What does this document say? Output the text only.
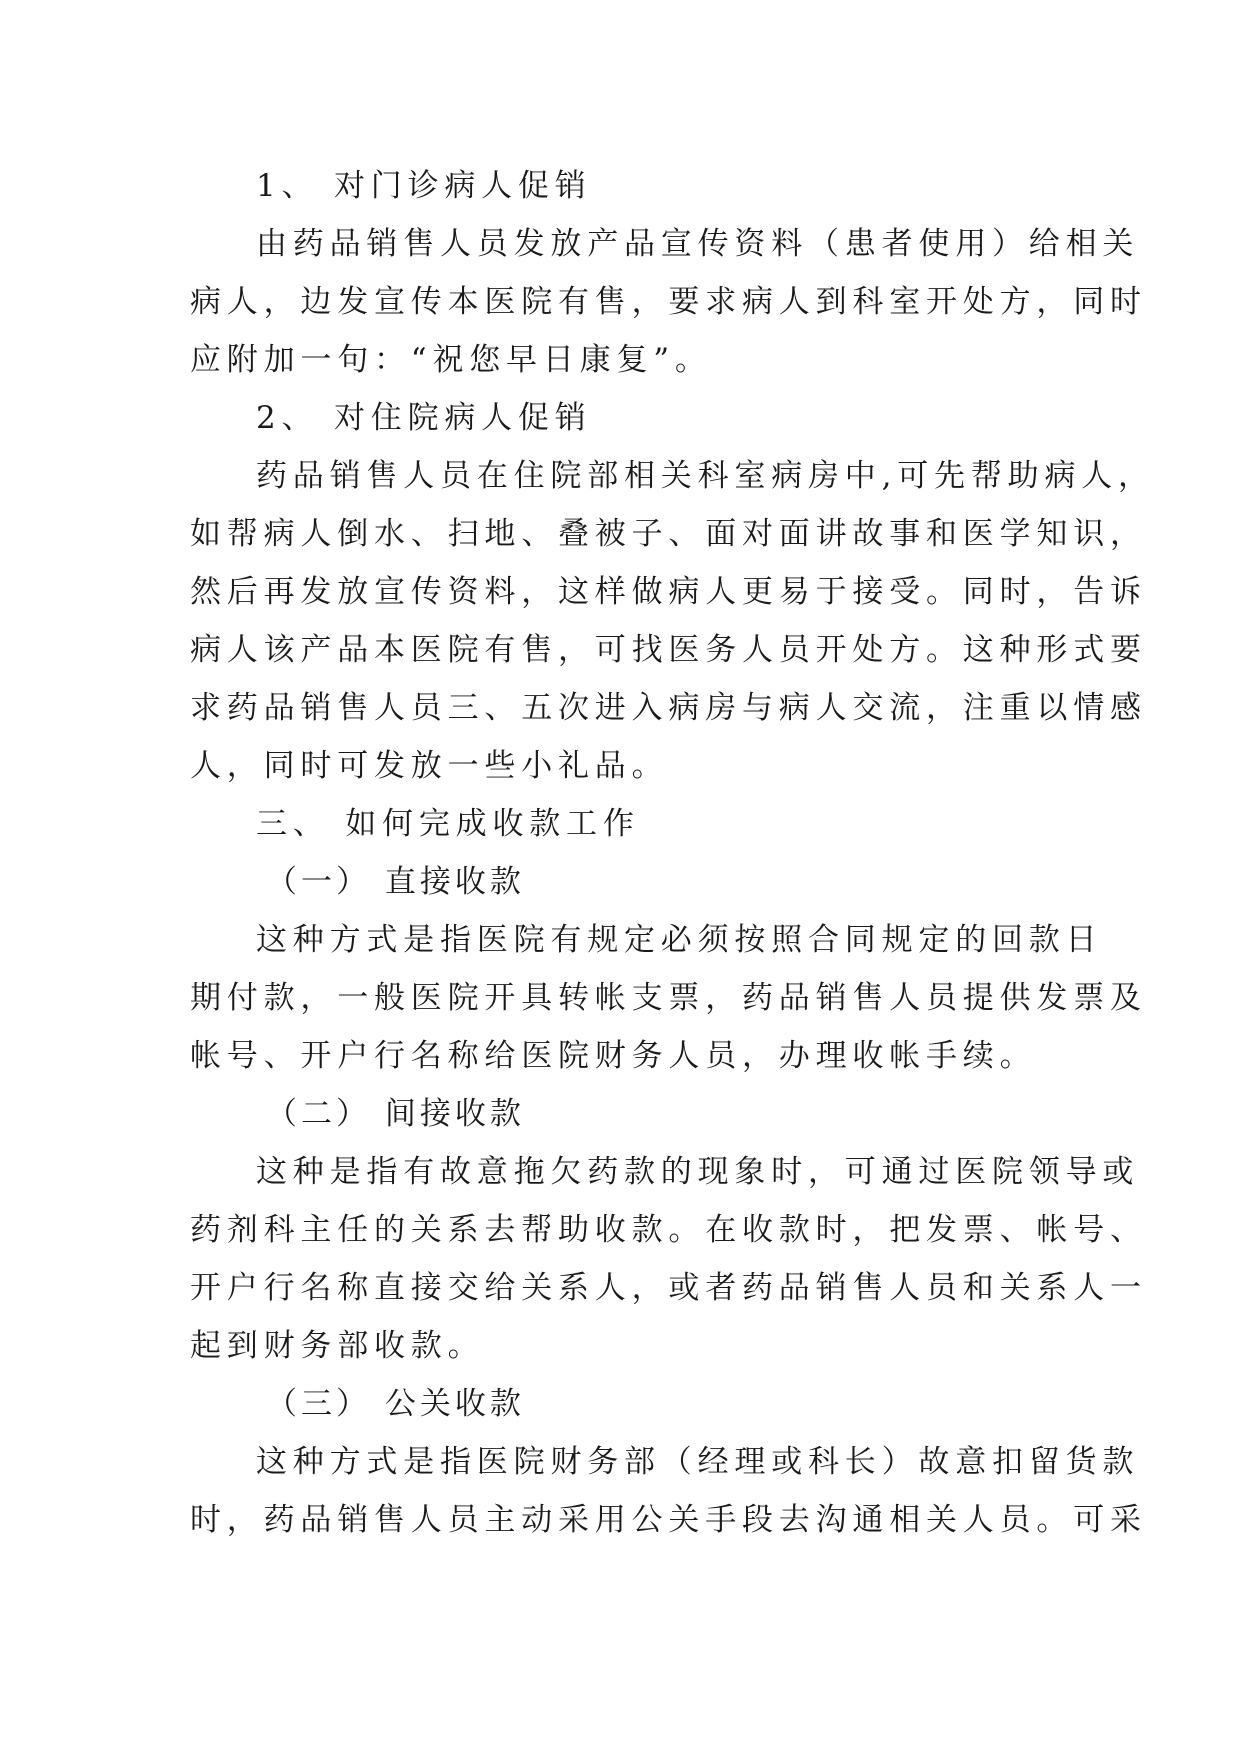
1、 对门诊病人促销
由药品销售人员发放产品宣传资料（患者使用）给相关
病人，边发宣传本医院有售，要求病人到科室开处方，同时
应附加一句：“祝您早日康复”。
2、 对住院病人促销
药品销售人员在住院部相关科室病房中,可先帮助病人，
如帮病人倒水、扫地、叠被子、面对面讲故事和医学知识，
然后再发放宣传资料，这样做病人更易于接受。同时，告诉
病人该产品本医院有售，可找医务人员开处方。这种形式要
求药品销售人员三、五次进入病房与病人交流，注重以情感
人，同时可发放一些小礼品。
三、 如何完成收款工作
（一） 直接收款
这种方式是指医院有规定必须按照合同规定的回款日
期付款，一般医院开具转帐支票，药品销售人员提供发票及
帐号、开户行名称给医院财务人员，办理收帐手续。
（二） 间接收款
这种是指有故意拖欠药款的现象时，可通过医院领导或
药剂科主任的关系去帮助收款。在收款时，把发票、帐号、
开户行名称直接交给关系人，或者药品销售人员和关系人一
起到财务部收款。
（三） 公关收款
这种方式是指医院财务部（经理或科长）故意扣留货款
时，药品销售人员主动采用公关手段去沟通相关人员。可采
